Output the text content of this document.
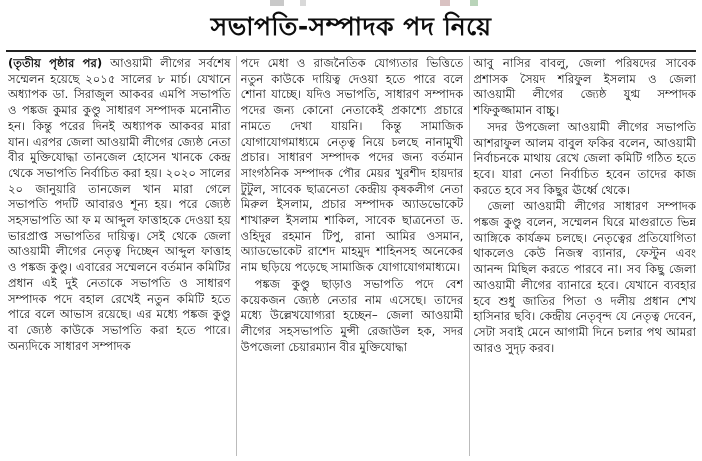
সভাপতি-সম্পাদক পদ নিয়ে

(তৃতীয় পৃষ্ঠার পর) আওয়ামী লীগের সর্বশেষ সম্মেলন হয়েছে ২০১৫ সালের ৮ মার্চ। যেখানে অধ্যাপক ডা. সিরাজুল আকবর এমপি সভাপতি ও পঙ্কজ কুমার কুণ্ডু সাধারণ সম্পাদক মনোনীত হন। কিন্তু পরের দিনই অধ্যাপক আকবর মারা যান। এরপর জেলা আওয়ামী লীগের জ্যেষ্ঠ নেতা বীর মুক্তিযোদ্ধা তানজেল হোসেন খানকে কেন্দ্র থেকে সভাপতি নির্বাচিত করা হয়। ২০২০ সালের ২০ জানুয়ারি তানজেল খান মারা গেলে সভাপতি পদটি আবারও শূন্য হয়। পরে জ্যেষ্ঠ সহসভাপতি আ ফ ম আব্দুল ফাত্তাহকে দেওয়া হয় ভারপ্রাপ্ত সভাপতির দায়িত্ব। সেই থেকে জেলা আওয়ামী লীগের নেতৃত্ব দিচ্ছেন আব্দুল ফাত্তাহ ও পঙ্কজ কুণ্ডু। এবারের সম্মেলনে বর্তমান কমিটির প্রধান এই দুই নেতাকে সভাপতি ও সাধারণ সম্পাদক পদে বহাল রেখেই নতুন কমিটি হতে পারে বলে আভাস রয়েছে। এর মধ্যে পঙ্কজ কুণ্ডু বা জ্যেষ্ঠ কাউকে সভাপতি করা হতে পারে। অন্যদিকে সাধারণ সম্পাদক

পদে মেধা ও রাজনৈতিক যোগ্যতার ভিত্তিতে নতুন কাউকে দায়িত্ব দেওয়া হতে পারে বলে শোনা যাচ্ছে। যদিও সভাপতি, সাধারণ সম্পাদক পদের জন্য কোনো নেতাকেই প্রকাশ্যে প্রচারে নামতে দেখা যায়নি। কিন্তু সামাজিক যোগাযোগমাধ্যমে নেতৃত্ব নিয়ে চলছে নানামুখী প্রচার। সাধারণ সম্পাদক পদের জন্য বর্তমান সাংগঠনিক সম্পাদক পৌর মেয়র খুরশীদ হায়দার টুটুল, সাবেক ছাত্রনেতা কেন্দ্রীয় কৃষকলীগ নেতা মিরুল ইসলাম, প্রচার সম্পাদক অ্যাডভোকেট শাখারুল ইসলাম শাকিল, সাবেক ছাত্রনেতা ড. ওহিদুর রহমান টিপু, রানা আমির ওসমান, অ্যাডভোকেট রাশেদ মাহমুদ শাহিনসহ অনেকের নাম ছড়িয়ে পড়েছে সামাজিক যোগাযোগমাধ্যমে।

পঙ্কজ কুণ্ডু ছাড়াও সভাপতি পদে বেশ কয়েকজন জ্যেষ্ঠ নেতার নাম এসেছে। তাদের মধ্যে উল্লেখযোগ্যরা হচ্ছেন– জেলা আওয়ামী লীগের সহসভাপতি মুন্সী রেজাউল হক, সদর উপজেলা চেয়ারম্যান বীর মুক্তিযোদ্ধা

আবু নাসির বাবলু, জেলা পরিষদের সাবেক প্রশাসক সৈয়দ শরিফুল ইসলাম ও জেলা আওয়ামী লীগের জ্যেষ্ঠ যুগ্ম সম্পাদক শফিকুজ্জামান বাচ্চু।

সদর উপজেলা আওয়ামী লীগের সভাপতি আশরাফুল আলম বাবুল ফকির বলেন, আওয়ামী নির্বাচনকে মাথায় রেখে জেলা কমিটি গঠিত হতে হবে। যারা নেতা নির্বাচিত হবেন তাদের কাজ করতে হবে সব কিছুর ঊর্ধ্বে থেকে।

জেলা আওয়ামী লীগের সাধারণ সম্পাদক পঙ্কজ কুণ্ডু বলেন, সম্মেলন ঘিরে মাগুরাতে ভিন্ন আঙ্গিকে কার্যক্রম চলছে। নেতৃত্বের প্রতিযোগিতা থাকলেও কেউ নিজস্ব ব্যানার, ফেস্টুন এবং আনন্দ মিছিল করতে পারবে না। সব কিছু জেলা আওয়ামী লীগের ব্যানারে হবে। যেখানে ব্যবহার হবে শুধু জাতির পিতা ও দলীয় প্রধান শেখ হাসিনার ছবি। কেন্দ্রীয় নেতৃবৃন্দ যে নেতৃত্ব দেবেন, সেটা সবাই মেনে আগামী দিনে চলার পথ আমরা আরও সুদৃঢ় করব।
